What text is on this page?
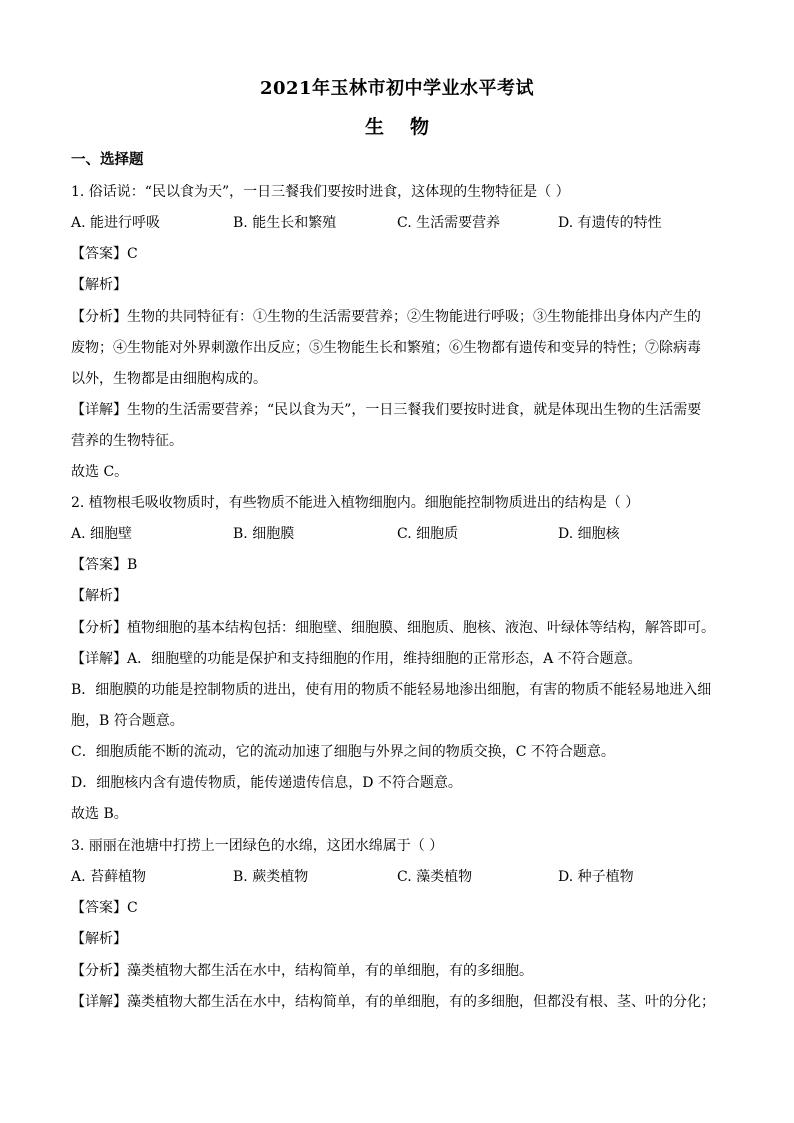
2021年玉林市初中学业水平考试
生 物
一、选择题
1. 俗话说：“民以食为天”，一日三餐我们要按时进食，这体现的生物特征是（ ）
A. 能进行呼吸	B. 能生长和繁殖	C. 生活需要营养	D. 有遗传的特性
【答案】C
【解析】
【分析】生物的共同特征有：①生物的生活需要营养；②生物能进行呼吸；③生物能排出身体内产生的
废物；④生物能对外界刺激作出反应；⑤生物能生长和繁殖；⑥生物都有遗传和变异的特性；⑦除病毒
以外，生物都是由细胞构成的。
【详解】生物的生活需要营养；“民以食为天”，一日三餐我们要按时进食，就是体现出生物的生活需要
营养的生物特征。
故选 C。
2. 植物根毛吸收物质时，有些物质不能进入植物细胞内。细胞能控制物质进出的结构是（ ）
A. 细胞壁	B. 细胞膜	C. 细胞质	D. 细胞核
【答案】B
【解析】
【分析】植物细胞的基本结构包括：细胞壁、细胞膜、细胞质、胞核、液泡、叶绿体等结构，解答即可。
【详解】A．细胞壁的功能是保护和支持细胞的作用，维持细胞的正常形态，A 不符合题意。
B．细胞膜的功能是控制物质的进出，使有用的物质不能轻易地渗出细胞，有害的物质不能轻易地进入细
胞，B 符合题意。
C．细胞质能不断的流动，它的流动加速了细胞与外界之间的物质交换，C 不符合题意。
D．细胞核内含有遗传物质，能传递遗传信息，D 不符合题意。
故选 B。
3. 丽丽在池塘中打捞上一团绿色的水绵，这团水绵属于（ ）
A. 苔藓植物	B. 蕨类植物	C. 藻类植物	D. 种子植物
【答案】C
【解析】
【分析】藻类植物大都生活在水中，结构简单，有的单细胞，有的多细胞。
【详解】藻类植物大都生活在水中，结构简单，有的单细胞，有的多细胞，但都没有根、茎、叶的分化；
